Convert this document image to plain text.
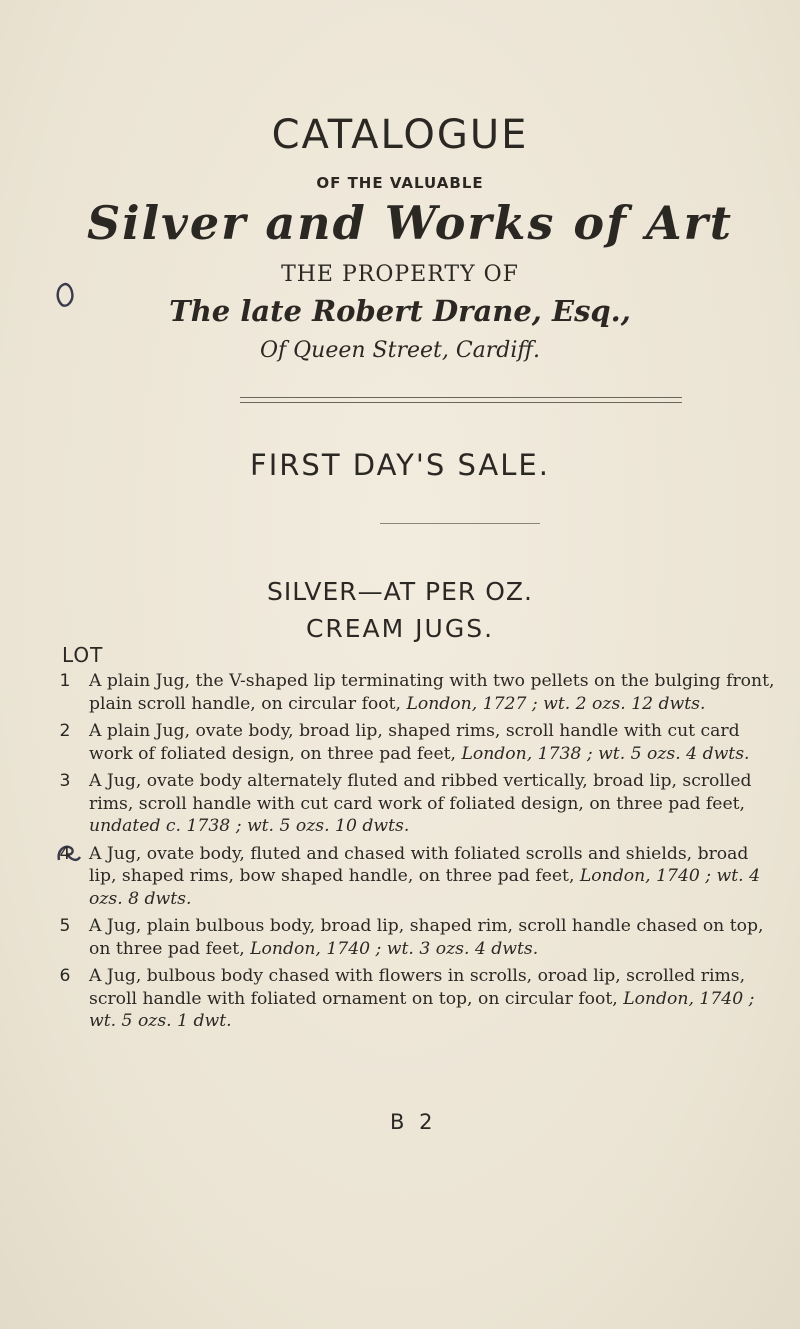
CATALOGUE
OF THE VALUABLE
Silver and Works of Art
THE PROPERTY OF
The late Robert Drane, Esq.,
Of Queen Street, Cardiff.
FIRST DAY'S SALE.
SILVER—AT PER OZ.
CREAM JUGS.
LOT
1 A plain Jug, the V-shaped lip terminating with two pellets on the bulging front, plain scroll handle, on circular foot, London, 1727 ; wt. 2 ozs. 12 dwts.
2 A plain Jug, ovate body, broad lip, shaped rims, scroll handle with cut card work of foliated design, on three pad feet, London, 1738 ; wt. 5 ozs. 4 dwts.
3 A Jug, ovate body alternately fluted and ribbed vertically, broad lip, scrolled rims, scroll handle with cut card work of foliated design, on three pad feet, undated c. 1738 ; wt. 5 ozs. 10 dwts.
4 A Jug, ovate body, fluted and chased with foliated scrolls and shields, broad lip, shaped rims, bow shaped handle, on three pad feet, London, 1740 ; wt. 4 ozs. 8 dwts.
5 A Jug, plain bulbous body, broad lip, shaped rim, scroll handle chased on top, on three pad feet, London, 1740 ; wt. 3 ozs. 4 dwts.
6 A Jug, bulbous body chased with flowers in scrolls, oroad lip, scrolled rims, scroll handle with foliated ornament on top, on circular foot, London, 1740 ; wt. 5 ozs. 1 dwt.
B 2
